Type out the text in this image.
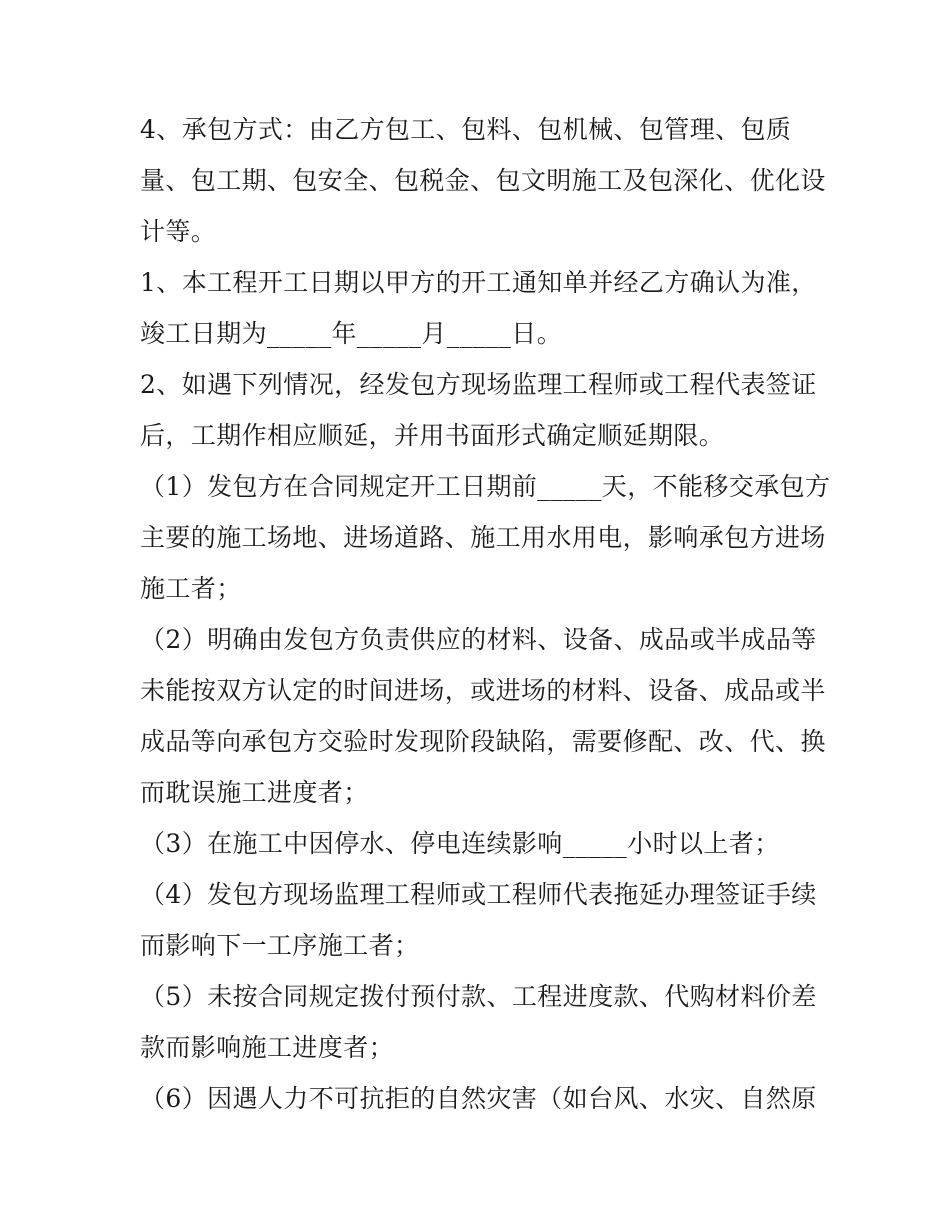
4、承包方式：由乙方包工、包料、包机械、包管理、包质
量、包工期、包安全、包税金、包文明施工及包深化、优化设
计等。
1、本工程开工日期以甲方的开工通知单并经乙方确认为准，
竣工日期为_____年_____月_____日。
2、如遇下列情况，经发包方现场监理工程师或工程代表签证
后，工期作相应顺延，并用书面形式确定顺延期限。
（1）发包方在合同规定开工日期前_____天，不能移交承包方
主要的施工场地、进场道路、施工用水用电，影响承包方进场
施工者；
（2）明确由发包方负责供应的材料、设备、成品或半成品等
未能按双方认定的时间进场，或进场的材料、设备、成品或半
成品等向承包方交验时发现阶段缺陷，需要修配、改、代、换
而耽误施工进度者；
（3）在施工中因停水、停电连续影响_____小时以上者；
（4）发包方现场监理工程师或工程师代表拖延办理签证手续
而影响下一工序施工者；
（5）未按合同规定拨付预付款、工程进度款、代购材料价差
款而影响施工进度者；
（6）因遇人力不可抗拒的自然灾害（如台风、水灾、自然原
